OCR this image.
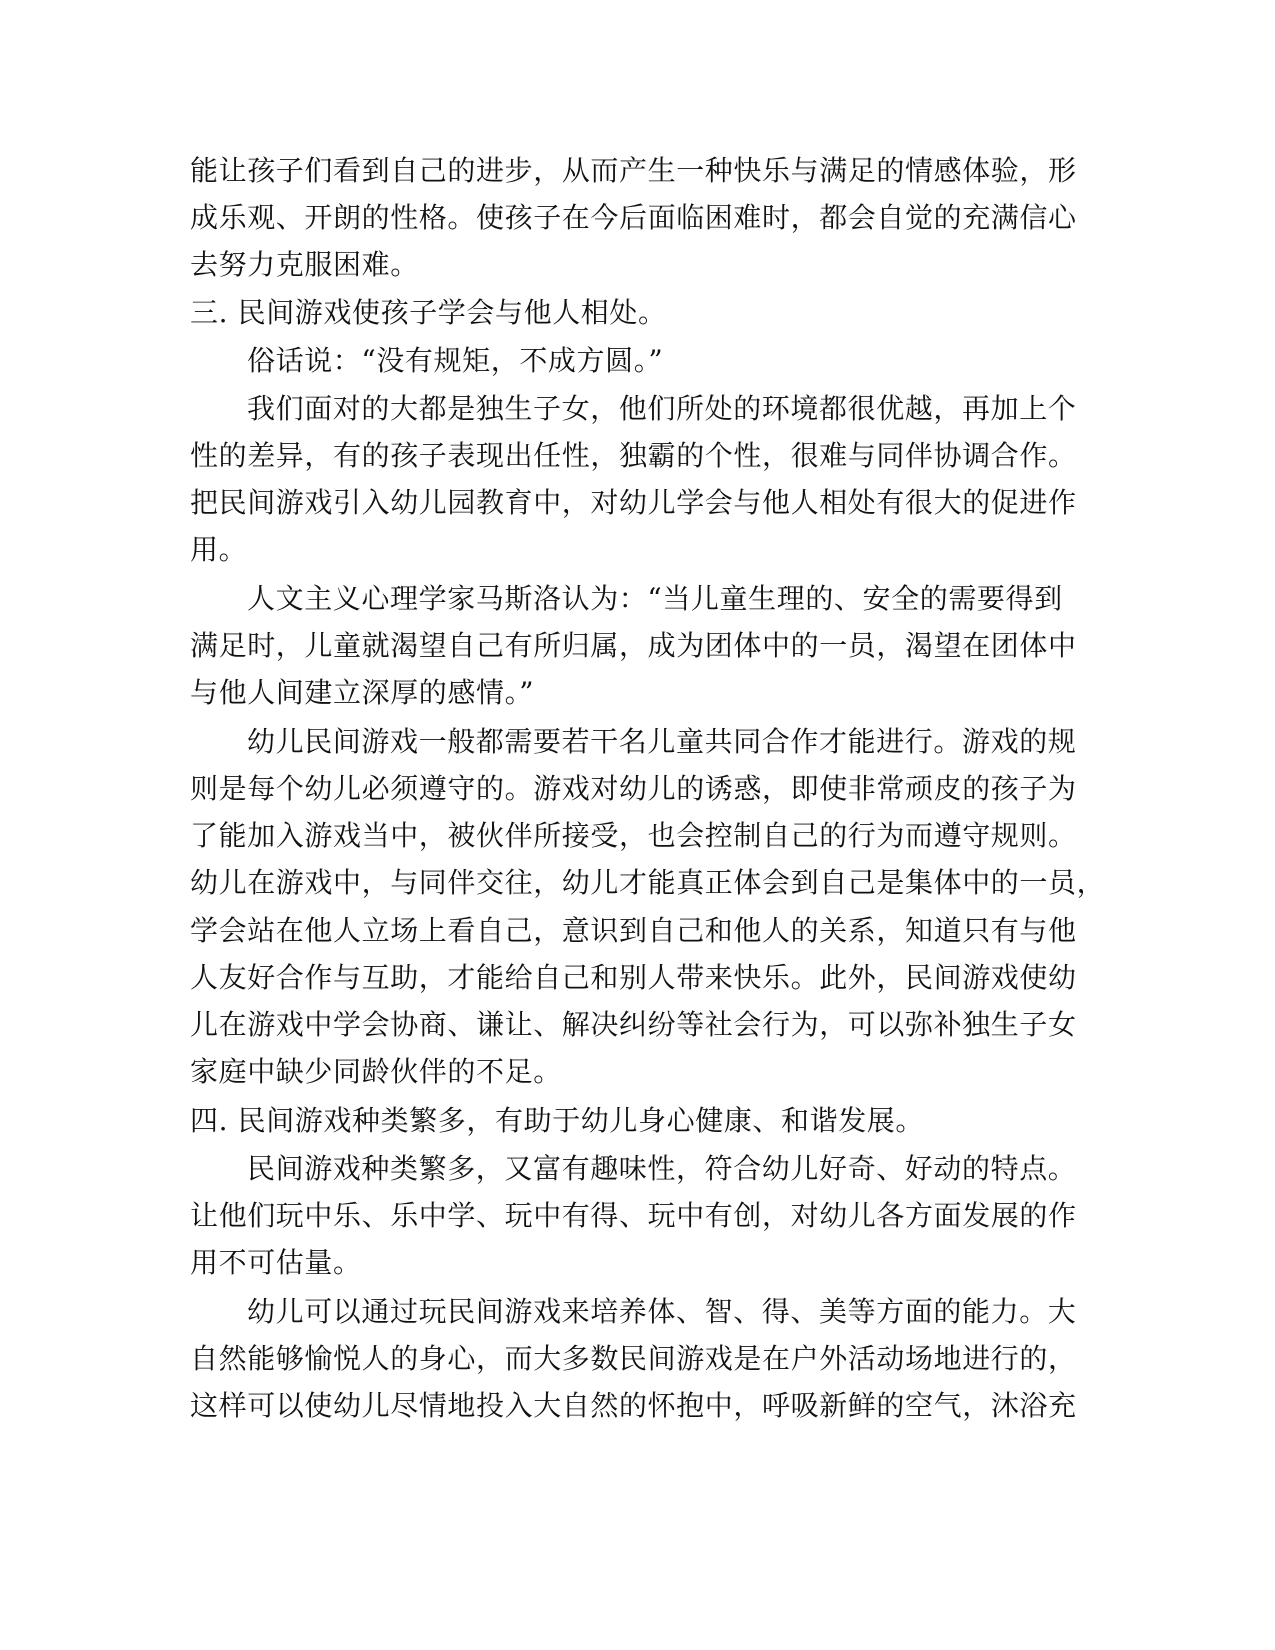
能让孩子们看到自己的进步，从而产生一种快乐与满足的情感体验，形
成乐观、开朗的性格。使孩子在今后面临困难时，都会自觉的充满信心
去努力克服困难。
三. 民间游戏使孩子学会与他人相处。
俗话说：“没有规矩，不成方圆。”
我们面对的大都是独生子女，他们所处的环境都很优越，再加上个
性的差异，有的孩子表现出任性，独霸的个性，很难与同伴协调合作。
把民间游戏引入幼儿园教育中，对幼儿学会与他人相处有很大的促进作
用。
人文主义心理学家马斯洛认为：“当儿童生理的、安全的需要得到
满足时，儿童就渴望自己有所归属，成为团体中的一员，渴望在团体中
与他人间建立深厚的感情。”
幼儿民间游戏一般都需要若干名儿童共同合作才能进行。游戏的规
则是每个幼儿必须遵守的。游戏对幼儿的诱惑，即使非常顽皮的孩子为
了能加入游戏当中，被伙伴所接受，也会控制自己的行为而遵守规则。
幼儿在游戏中，与同伴交往，幼儿才能真正体会到自己是集体中的一员，
学会站在他人立场上看自己，意识到自己和他人的关系，知道只有与他
人友好合作与互助，才能给自己和别人带来快乐。此外，民间游戏使幼
儿在游戏中学会协商、谦让、解决纠纷等社会行为，可以弥补独生子女
家庭中缺少同龄伙伴的不足。
四. 民间游戏种类繁多，有助于幼儿身心健康、和谐发展。
民间游戏种类繁多，又富有趣味性，符合幼儿好奇、好动的特点。
让他们玩中乐、乐中学、玩中有得、玩中有创，对幼儿各方面发展的作
用不可估量。
幼儿可以通过玩民间游戏来培养体、智、得、美等方面的能力。大
自然能够愉悦人的身心，而大多数民间游戏是在户外活动场地进行的，
这样可以使幼儿尽情地投入大自然的怀抱中，呼吸新鲜的空气，沐浴充
